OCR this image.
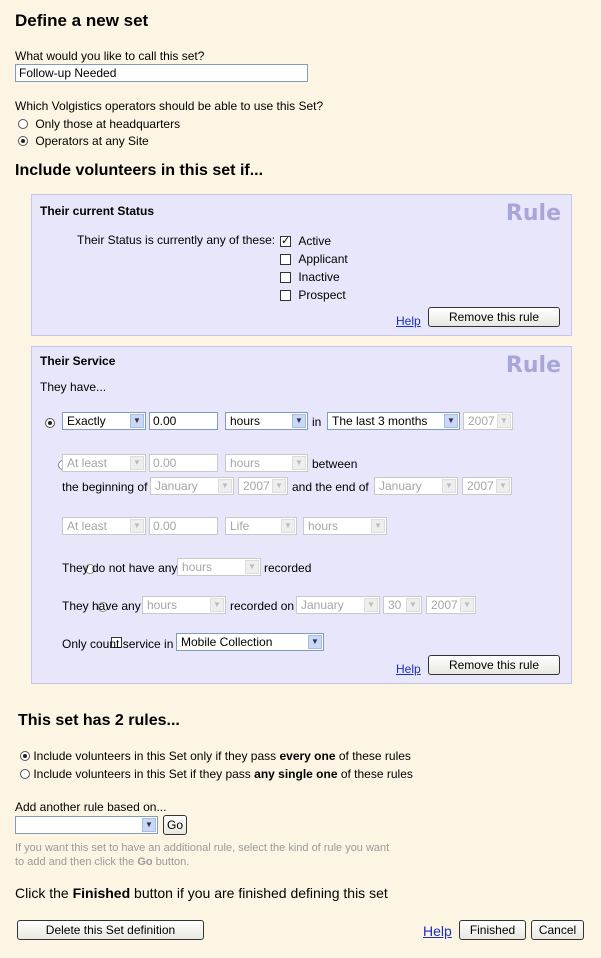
Define a new set
What would you like to call this set?
Follow-up Needed
Which Volgistics operators should be able to use this Set?
Only those at headquarters
Operators at any Site
Include volunteers in this set if...
Their current Status	Rule
Their Status is currently any of these:
✓	Active
Applicant
Inactive
Prospect
Help	Remove this rule
Their Service	Rule
They have...

Exactly	▼	0.00	hours	▼ in The last 3 months	▼	2007 ▼

At least	▼	0.00	hours	▼ between
the beginning of January	▼	2007 ▼ and the end of January	▼	2007 ▼

At least	▼	0.00	Life	▼	hours	▼

They do not have any hours	▼ recorded

They have any hours	▼ recorded on January	▼	30 ▼	2007 ▼
Only count service in Mobile Collection	▼
Help	Remove this rule
This set has 2 rules...
Include volunteers in this Set only if they pass every one of these rules
Include volunteers in this Set if they pass any single one of these rules
Add another rule based on...
▼	Go
If you want this set to have an additional rule, select the kind of rule you want
to add and then click the Go button.
Click the Finished button if you are finished defining this set
Delete this Set definition	Help	Finished	Cancel
